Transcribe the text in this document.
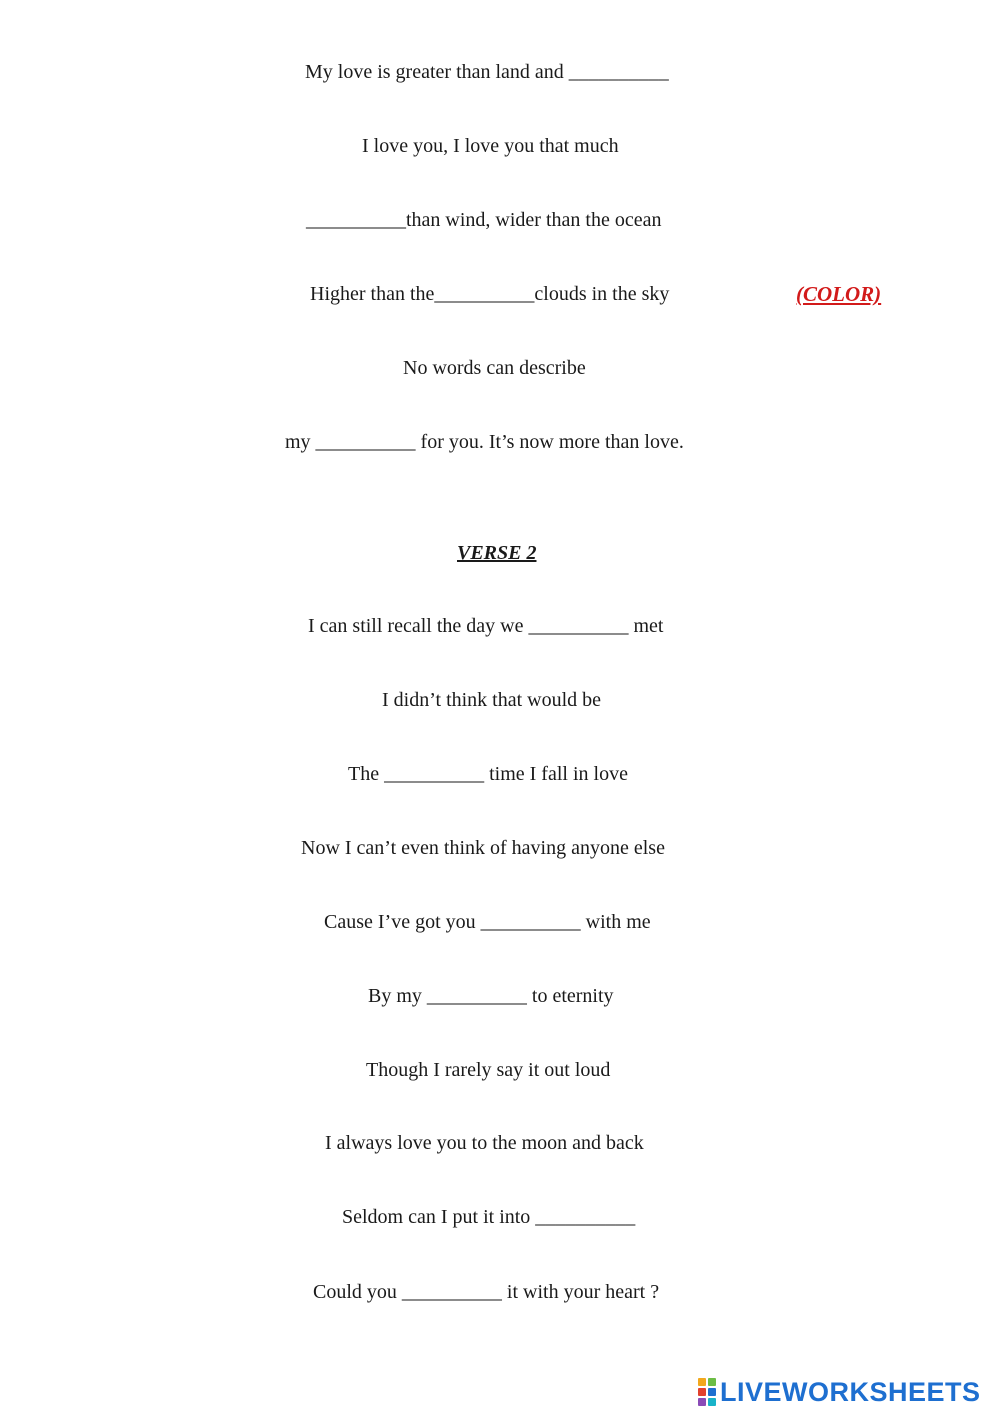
My love is greater than land and __________
I love you, I love you that much
__________than wind, wider than the ocean
Higher than the__________clouds in the sky	(COLOR)
No words can describe
my __________ for you. It’s now more than love.
VERSE 2
I can still recall the day we __________ met
I didn’t think that would be
The __________ time I fall in love
Now I can’t even think of having anyone else
Cause I’ve got you __________ with me
By my __________ to eternity
Though I rarely say it out loud
I always love you to the moon and back
Seldom can I put it into __________
Could you __________ it with your heart ?
LIVEWORKSHEETS
